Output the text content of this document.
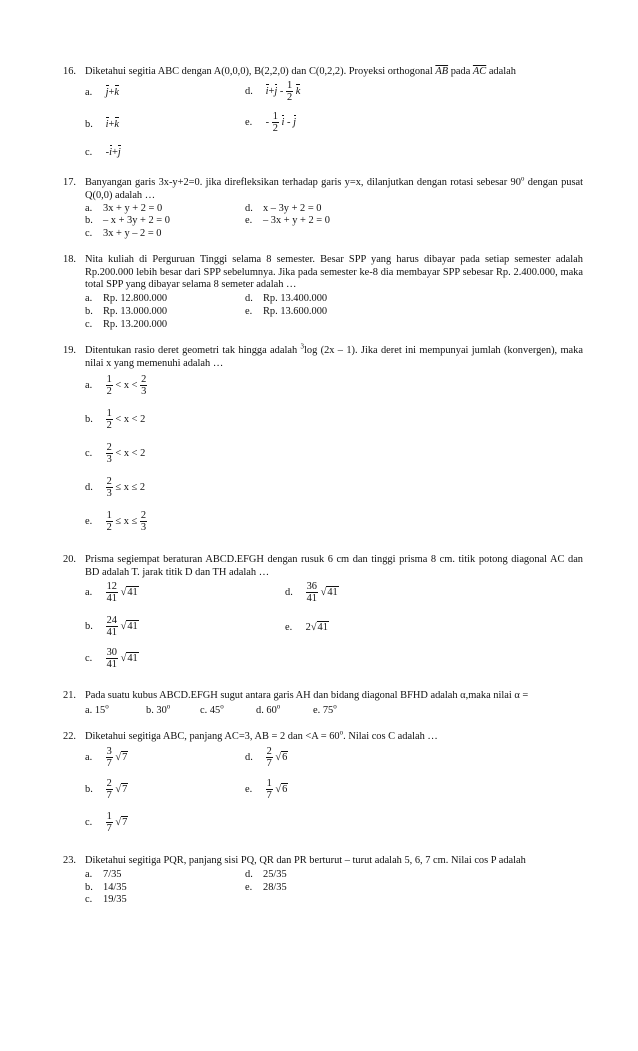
16. Diketahui segitia ABC dengan A(0,0,0), B(2,2,0) dan C(0,2,2). Proyeksi orthogonal $\overline{AB}$ pada $\overline{AC}$ adalah
a. j+k	d. $i+j - \frac{1}{2}$ k
b. i+k	e. - $\frac{1}{2}$ i - j
c. -i+j
17. Banyangan garis 3x-y+2=0. jika direfleksikan terhadap garis y=x, dilanjutkan dengan rotasi sebesar 90$^o$ dengan pusat Q(0,0) adalah …
a. 3x + y + 2 = 0	d. x – 3y + 2 = 0
b. – x + 3y + 2 = 0	e. – 3x + y + 2 = 0
c. 3x + y – 2 = 0
18. Nita kuliah di Perguruan Tinggi selama 8 semester. Besar SPP yang harus dibayar pada setiap semester adalah Rp.200.000 lebih besar dari SPP sebelumnya. Jika pada semester ke-8 dia membayar SPP sebesar Rp. 2.400.000, maka total SPP yang dibayar selama 8 semeter adalah …
a. Rp. 12.800.000	d. Rp. 13.400.000
b. Rp. 13.000.000	e. Rp. 13.600.000
c. Rp. 13.200.000
19. Ditentukan rasio deret geometri tak hingga adalah $^3$log (2x – 1). Jika deret ini mempunyai jumlah (konvergen), maka nilai x yang memenuhi adalah …
a. $\frac{1}{2} < x < \frac{2}{3}$
b. $\frac{1}{2} < x < 2$
c. $\frac{2}{3} < x < 2$
d. $\frac{2}{3} \le x \le 2$
e. $\frac{1}{2} \le x \le \frac{2}{3}$
20. Prisma segiempat beraturan ABCD.EFGH dengan rusuk 6 cm dan tinggi prisma 8 cm. titik potong diagonal AC dan BD adalah T. jarak titik D dan TH adalah …
a. $\frac{12}{41} √41$	d. $\frac{36}{41} √41$
b. $\frac{24}{41} √41$	e. 2√41
c. $\frac{30}{41} √41$
21. Pada suatu kubus ABCD.EFGH sugut antara garis AH dan bidang diagonal BFHD adalah α,maka nilai α =
a. 15$^o$	b. 30$^o$	c. 45$^o$	d. 60$^o$	e. 75$^o$
22. Diketahui segitiga ABC, panjang AC=3, AB = 2 dan $<A = 60^o$. Nilai cos C adalah …
a. $\frac{3}{7} √7$	d. $\frac{2}{7} √6$
b. $\frac{2}{7} √7$	e. $\frac{1}{7} √6$
c. $\frac{1}{7} √7$
23. Diketahui segitiga PQR, panjang sisi PQ, QR dan PR berturut – turut adalah 5, 6, 7 cm. Nilai cos P adalah
a. 7/35	d. 25/35
b. 14/35	e. 28/35
c. 19/35
